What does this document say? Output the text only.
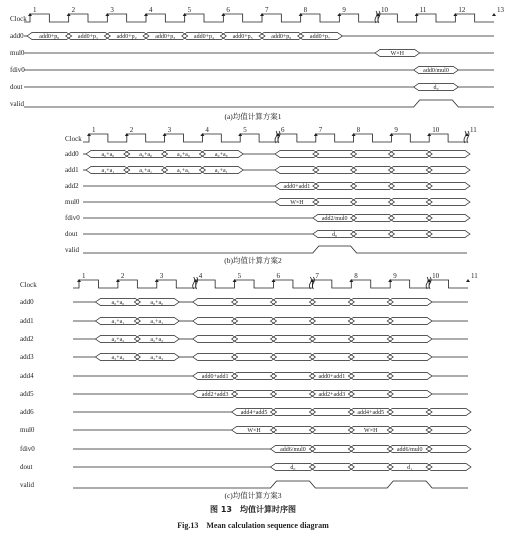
Clock
1	2	3	4	5	6	7	8	9	10	11	12	13
add0	add0+p₀	add0+p₁	add0+p₂	add0+p₃	add0+p₄	add0+p₅	add0+p₆	add0+p₇
mul0	W×H
fdiv0	add0/mul0
dout	d₀
valid
(a)均值计算方案1
Clock
1	2	3	4	5	6	7	8	9	10	11
add0	a₀+a₀	a₀+a₀	a₀+a₀	a₀+a₀
add1	a₁+a₁	a₁+a₁	a₁+a₁	a₁+a₁
add2	add0+add1
mul0	W×H
fdiv0	add2/mul0
dout	d₀
valid
(b)均值计算方案2
Clock
1	2	3	4	5	6	7	8	9	10	11
add0	a₀+a₀	a₀+a₀
add1	a₁+a₁	a₁+a₁
add2	a₂+a₂	a₂+a₂
add3	a₃+a₃	a₃+a₃
add4	add0+add1	add0+add1
add5	add2+add3	add2+add3
add6	add4+add5	add4+add5
mul0	W×H	W×H
fdiv0	add6/mul0	add6/mul0
dout	d₀	d₁
valid
(c)均值计算方案3
图 13　均值计算时序图
Fig.13　Mean calculation sequence diagram
